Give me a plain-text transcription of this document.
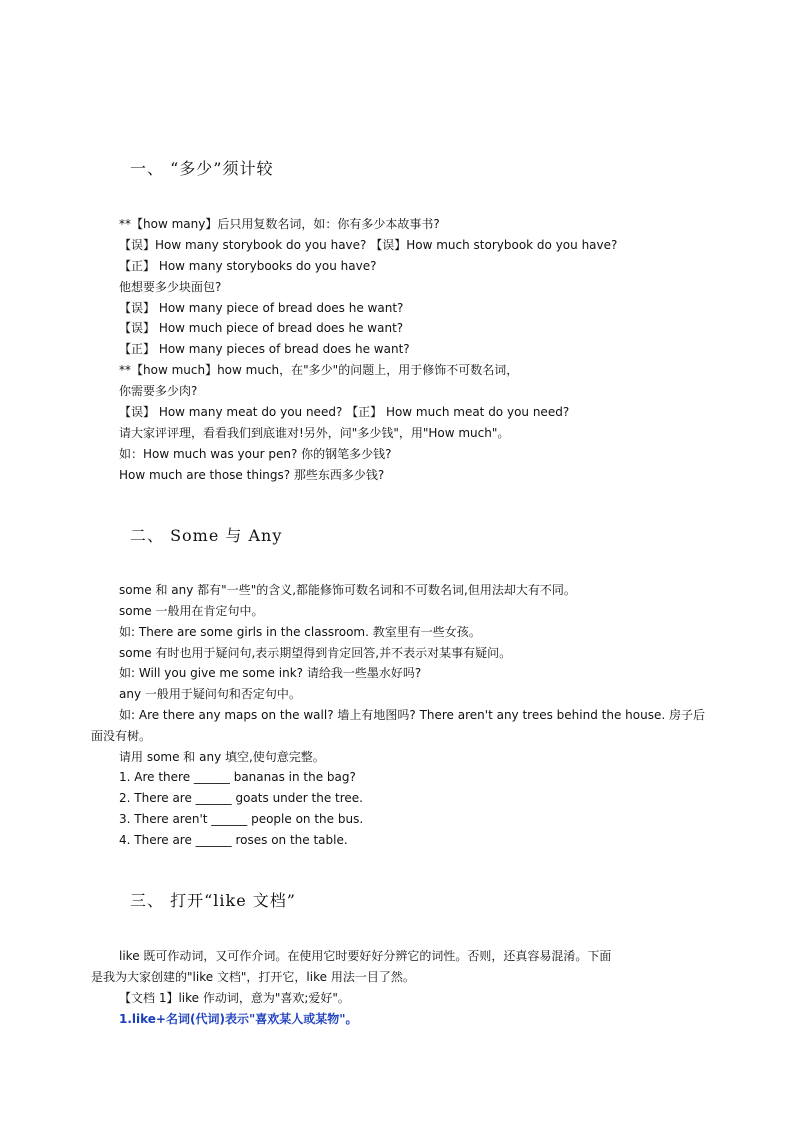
一、 “多少”须计较
**【how many】后只用复数名词，如：你有多少本故事书?
【误】How many storybook do you have? 【误】How much storybook do you have?
【正】 How many storybooks do you have?
他想要多少块面包?
【误】 How many piece of bread does he want?
【误】 How much piece of bread does he want?
【正】 How many pieces of bread does he want?
**【how much】how much，在"多少"的问题上，用于修饰不可数名词，
你需要多少肉?
【误】 How many meat do you need? 【正】 How much meat do you need?
请大家评评理，看看我们到底谁对!另外，问"多少钱"，用"How much"。
如：How much was your pen? 你的钢笔多少钱?
How much are those things? 那些东西多少钱?
二、 Some 与 Any
some 和 any 都有"一些"的含义,都能修饰可数名词和不可数名词,但用法却大有不同。
some 一般用在肯定句中。
如: There are some girls in the classroom. 教室里有一些女孩。
some 有时也用于疑问句,表示期望得到肯定回答,并不表示对某事有疑问。
如: Will you give me some ink? 请给我一些墨水好吗?
any 一般用于疑问句和否定句中。
如: Are there any maps on the wall? 墙上有地图吗? There aren't any trees behind the house. 房子后
面没有树。
请用 some 和 any 填空,使句意完整。
1. Are there ______ bananas in the bag?
2. There are ______ goats under the tree.
3. There aren't ______ people on the bus.
4. There are ______ roses on the table.
三、 打开“like 文档”
like 既可作动词，又可作介词。在使用它时要好好分辨它的词性。否则，还真容易混淆。下面
是我为大家创建的"like 文档"，打开它，like 用法一目了然。
【文档 1】like 作动词，意为"喜欢;爱好"。
1.like+名词(代词)表示"喜欢某人或某物"。
